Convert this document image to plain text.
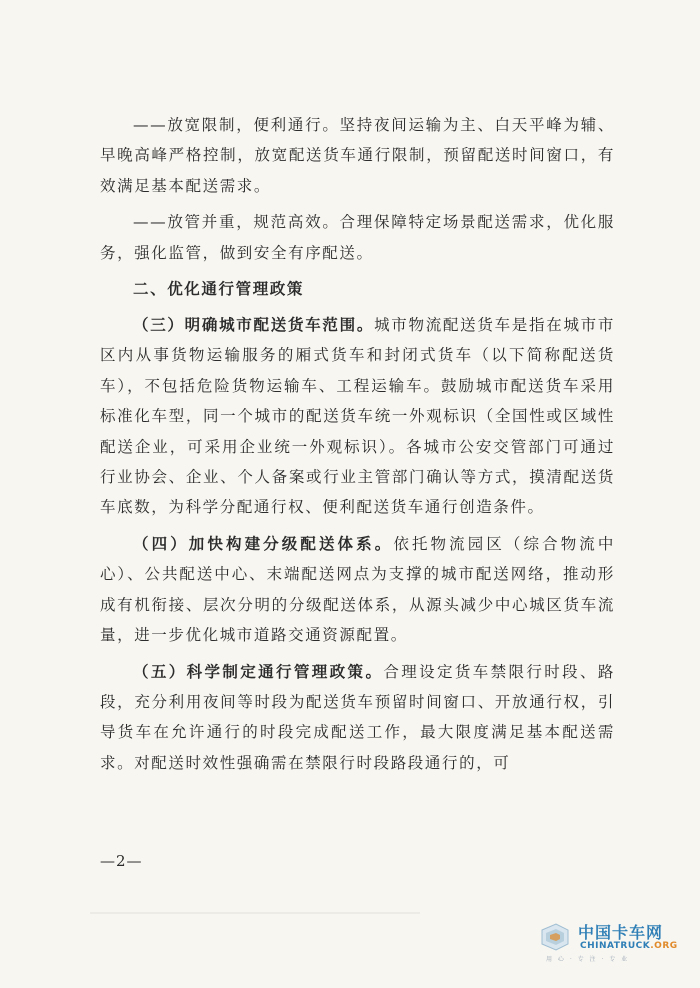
——放宽限制，便利通行。坚持夜间运输为主、白天平峰为辅、早晚高峰严格控制，放宽配送货车通行限制，预留配送时间窗口，有效满足基本配送需求。

——放管并重，规范高效。合理保障特定场景配送需求，优化服务，强化监管，做到安全有序配送。

二、优化通行管理政策

（三）明确城市配送货车范围。城市物流配送货车是指在城市市区内从事货物运输服务的厢式货车和封闭式货车（以下简称配送货车），不包括危险货物运输车、工程运输车。鼓励城市配送货车采用标准化车型，同一个城市的配送货车统一外观标识（全国性或区域性配送企业，可采用企业统一外观标识）。各城市公安交管部门可通过行业协会、企业、个人备案或行业主管部门确认等方式，摸清配送货车底数，为科学分配通行权、便利配送货车通行创造条件。

（四）加快构建分级配送体系。依托物流园区（综合物流中心）、公共配送中心、末端配送网点为支撑的城市配送网络，推动形成有机衔接、层次分明的分级配送体系，从源头减少中心城区货车流量，进一步优化城市道路交通资源配置。

（五）科学制定通行管理政策。合理设定货车禁限行时段、路段，充分利用夜间等时段为配送货车预留时间窗口、开放通行权，引导货车在允许通行的时段完成配送工作，最大限度满足基本配送需求。对配送时效性强确需在禁限行时段路段通行的，可

—2—
中国卡车网
CHINATRUCK.ORG
用 心 · 专 注 · 专 业
